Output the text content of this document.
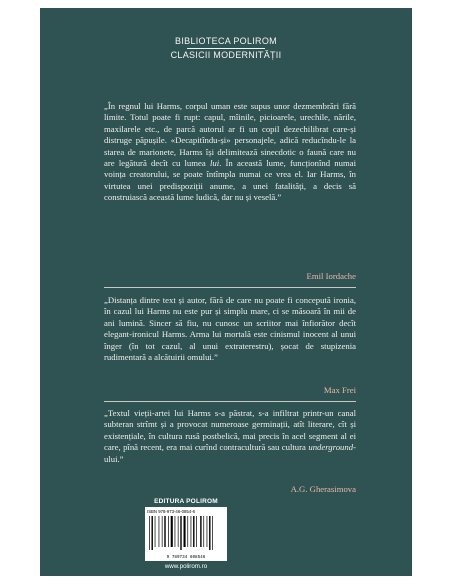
BIBLIOTECA POLIROM
CLASICII MODERNITĂȚII
„În regnul lui Harms, corpul uman este supus unor dezmembrări fără limite. Totul poate fi rupt: capul, mîinile, picioarele, urechile, nările, maxilarele etc., de parcă autorul ar fi un copil dezechilibrat care-și distruge păpușile. «Decapitîndu-și» personajele, adică reducîndu-le la starea de marionete, Harms își delimitează sinecdotic o faună care nu are legătură decît cu lumea lui. În această lume, funcționînd numai voința creatorului, se poate întîmpla numai ce vrea el. Iar Harms, în virtutea unei predispoziții anume, a unei fatalități, a decis să construiască această lume ludică, dar nu și veselă.”
Emil Iordache
„Distanța dintre text și autor, fără de care nu poate fi concepută ironia, în cazul lui Harms nu este pur și simplu mare, ci se măsoară în mii de ani lumină. Sincer să fiu, nu cunosc un scriitor mai înfiorător decît elegant-ironicul Harms. Arma lui mortală este cinismul inocent al unui înger (în tot cazul, al unui extraterestru), șocat de stupizenia rudimentară a alcătuirii omului.”
Max Frei
„Textul vieții-artei lui Harms s-a păstrat, s-a infiltrat printr-un canal subteran strîmt și a provocat numeroase germinații, atît literare, cît și existențiale, în cultura rusă postbelică, mai precis în acel segment al ei care, pînă recent, era mai curînd contracultură sau cultura underground-ului.”
A.G. Gherasimova
EDITURA POLIROM
ISBN 978-973-46-0854-6
9 789734 608546
www.polirom.ro
